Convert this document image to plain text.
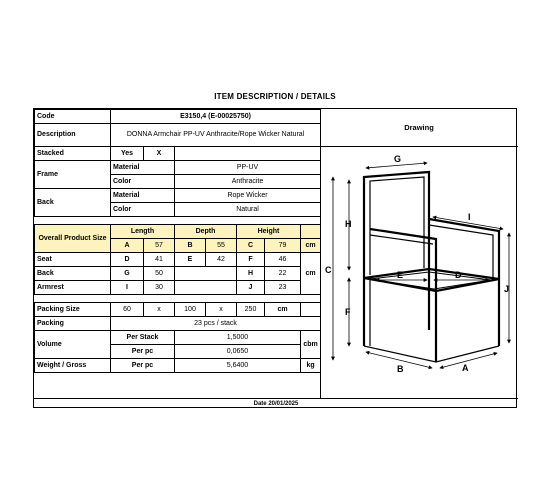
ITEM DESCRIPTION / DETAILS
Code	E3150,4 (E-00025750)						
Description	DONNA Armchair PP-UV Anthracite/Rope Wicker Natural						
Stacked	Yes	X					
Frame	Material		PP-UV				
	Color		Anthracite				
Back	Material		Rope Wicker				
	Color		Natural				

Overall Product Size	Length		Depth		Height		
	A	57	B	55	C	79	cm
Seat	D	41	E	42	F	46	cm
Back	G	50			H	22	
Armrest	I	30			J	23	

Packing Size	60	x	100	x	250	cm	
Packing	23 pcs / stack						
Volume	Per Stack		1,5000				cbm
	Per pc		0,0650				
Weight / Gross	Per pc		5,6400				kg
Drawing
G
H
C
F
I
J
E	D
B	A
Date 20/01/2025
